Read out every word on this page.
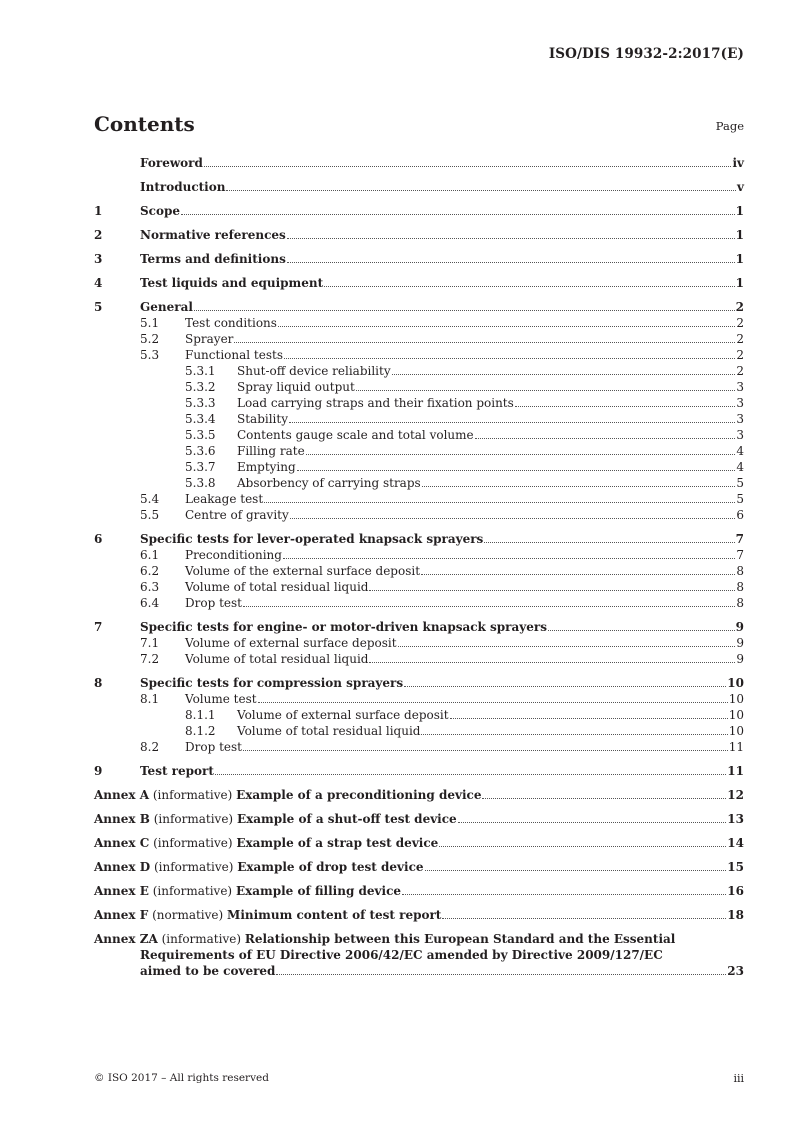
ISO/DIS 19932-2:2017(E)
Contents	Page
Foreword	iv
Introduction	v
1	Scope	1
2	Normative references	1
3	Terms and definitions	1
4	Test liquids and equipment	1
5	General	2
5.1	Test conditions	2
5.2	Sprayer	2
5.3	Functional tests	2
5.3.1	Shut-off device reliability	2
5.3.2	Spray liquid output	3
5.3.3	Load carrying straps and their fixation points	3
5.3.4	Stability	3
5.3.5	Contents gauge scale and total volume	3
5.3.6	Filling rate	4
5.3.7	Emptying	4
5.3.8	Absorbency of carrying straps	5
5.4	Leakage test	5
5.5	Centre of gravity	6
6	Specific tests for lever-operated knapsack sprayers	7
6.1	Preconditioning	7
6.2	Volume of the external surface deposit	8
6.3	Volume of total residual liquid	8
6.4	Drop test	8
7	Specific tests for engine- or motor-driven knapsack sprayers	9
7.1	Volume of external surface deposit	9
7.2	Volume of total residual liquid	9
8	Specific tests for compression sprayers	10
8.1	Volume test	10
8.1.1	Volume of external surface deposit	10
8.1.2	Volume of total residual liquid	10
8.2	Drop test	11
9	Test report	11
Annex A (informative) Example of a preconditioning device	12
Annex B (informative) Example of a shut-off test device	13
Annex C (informative) Example of a strap test device	14
Annex D (informative) Example of drop test device	15
Annex E (informative) Example of filling device	16
Annex F (normative) Minimum content of test report	18
Annex ZA (informative) Relationship between this European Standard and the Essential
Requirements of EU Directive 2006/42/EC amended by Directive 2009/127/EC
aimed to be covered	23
© ISO 2017 – All rights reserved	iii
